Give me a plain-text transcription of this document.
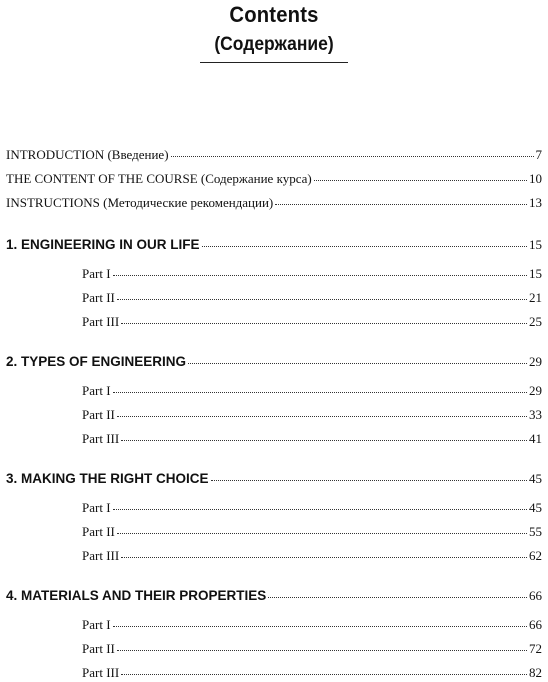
Contents
(Содержание)
INTRODUCTION (Введение)	7
THE CONTENT OF THE COURSE (Содержание курса)	10
INSTRUCTIONS (Методические рекомендации)	13
1. ENGINEERING IN OUR LIFE	15
Part I	15
Part II	21
Part III	25
2. TYPES OF ENGINEERING	29
Part I	29
Part II	33
Part III	41
3. MAKING THE RIGHT CHOICE	45
Part I	45
Part II	55
Part III	62
4. MATERIALS AND THEIR PROPERTIES	66
Part I	66
Part II	72
Part III	82
